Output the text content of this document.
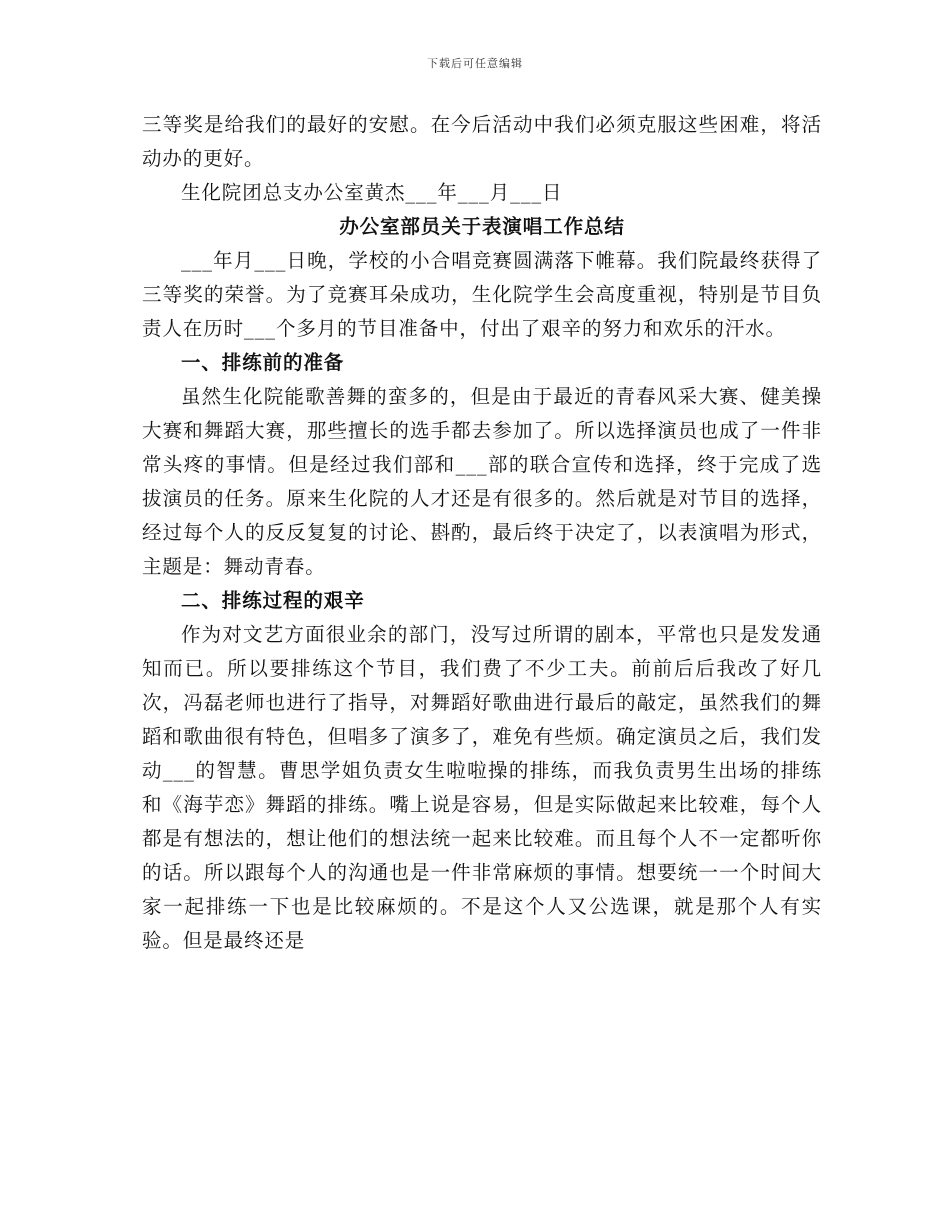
下载后可任意编辑

三等奖是给我们的最好的安慰。在今后活动中我们必须克服这些困难，将活动办的更好。

生化院团总支办公室黄杰___年___月___日

办公室部员关于表演唱工作总结

___年月___日晚，学校的小合唱竞赛圆满落下帷幕。我们院最终获得了三等奖的荣誉。为了竞赛耳朵成功，生化院学生会高度重视，特别是节目负责人在历时___个多月的节目准备中，付出了艰辛的努力和欢乐的汗水。

一、排练前的准备

虽然生化院能歌善舞的蛮多的，但是由于最近的青春风采大赛、健美操大赛和舞蹈大赛，那些擅长的选手都去参加了。所以选择演员也成了一件非常头疼的事情。但是经过我们部和___部的联合宣传和选择，终于完成了选拔演员的任务。原来生化院的人才还是有很多的。然后就是对节目的选择，经过每个人的反反复复的讨论、斟酌，最后终于决定了，以表演唱为形式，主题是：舞动青春。

二、排练过程的艰辛

作为对文艺方面很业余的部门，没写过所谓的剧本，平常也只是发发通知而已。所以要排练这个节目，我们费了不少工夫。前前后后我改了好几次，冯磊老师也进行了指导，对舞蹈好歌曲进行最后的敲定，虽然我们的舞蹈和歌曲很有特色，但唱多了演多了，难免有些烦。确定演员之后，我们发动___的智慧。曹思学姐负责女生啦啦操的排练，而我负责男生出场的排练和《海芋恋》舞蹈的排练。嘴上说是容易，但是实际做起来比较难，每个人都是有想法的，想让他们的想法统一起来比较难。而且每个人不一定都听你的话。所以跟每个人的沟通也是一件非常麻烦的事情。想要统一一个时间大家一起排练一下也是比较麻烦的。不是这个人又公选课，就是那个人有实验。但是最终还是
